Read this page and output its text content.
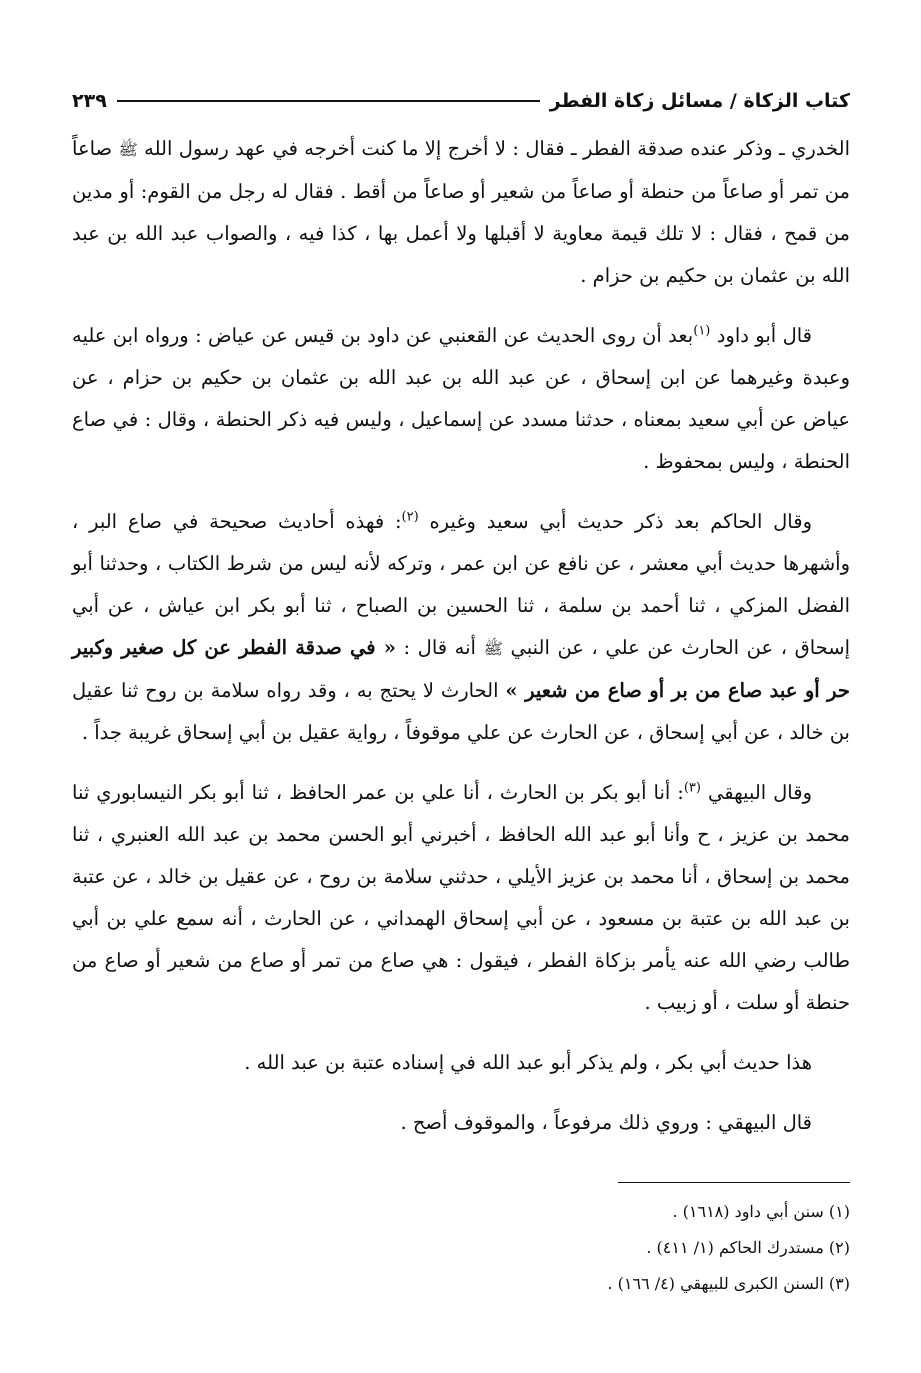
كتاب الزكاة / مسائل زكاة الفطر
٢٣٩

الخدري ـ وذكر عنده صدقة الفطر ـ فقال : لا أخرج إلا ما كنت أخرجه في عهد رسول الله ﷺ صاعاً من تمر أو صاعاً من حنطة أو صاعاً من شعير أو صاعاً من أقط . فقال له رجل من القوم: أو مدين من قمح ، فقال : لا تلك قيمة معاوية لا أقبلها ولا أعمل بها ، كذا فيه ، والصواب عبد الله بن عبد الله بن عثمان بن حكيم بن حزام .

قال أبو داود $^{(١)}$بعد أن روى الحديث عن القعنبي عن داود بن قيس عن عياض : ورواه ابن عليه وعبدة وغيرهما عن ابن إسحاق ، عن عبد الله بن عبد الله بن عثمان بن حكيم بن حزام ، عن عياض عن أبي سعيد بمعناه ، حدثنا مسدد عن إسماعيل ، وليس فيه ذكر الحنطة ، وقال : في صاع الحنطة ، وليس بمحفوظ .

وقال الحاكم بعد ذكر حديث أبي سعيد وغيره $^{(٢)}$: فهذه أحاديث صحيحة في صاع البر ، وأشهرها حديث أبي معشر ، عن نافع عن ابن عمر ، وتركه لأنه ليس من شرط الكتاب ، وحدثنا أبو الفضل المزكي ، ثنا أحمد بن سلمة ، ثنا الحسين بن الصباح ، ثنا أبو بكر ابن عياش ، عن أبي إسحاق ، عن الحارث عن علي ، عن النبي ﷺ أنه قال : « في صدقة الفطر عن كل صغير وكبير حر أو عبد صاع من بر أو صاع من شعير » الحارث لا يحتج به ، وقد رواه سلامة بن روح ثنا عقيل بن خالد ، عن أبي إسحاق ، عن الحارث عن علي موقوفاً ، رواية عقيل بن أبي إسحاق غريبة جداً .

وقال البيهقي $^{(٣)}$: أنا أبو بكر بن الحارث ، أنا علي بن عمر الحافظ ، ثنا أبو بكر النيسابوري ثنا محمد بن عزيز ، ح وأنا أبو عبد الله الحافظ ، أخبرني أبو الحسن محمد بن عبد الله العنبري ، ثنا محمد بن إسحاق ، أنا محمد بن عزيز الأيلي ، حدثني سلامة بن روح ، عن عقيل بن خالد ، عن عتبة بن عبد الله بن عتبة بن مسعود ، عن أبي إسحاق الهمداني ، عن الحارث ، أنه سمع علي بن أبي طالب رضي الله عنه يأمر بزكاة الفطر ، فيقول : هي صاع من تمر أو صاع من شعير أو صاع من حنطة أو سلت ، أو زبيب .

هذا حديث أبي بكر ، ولم يذكر أبو عبد الله في إسناده عتبة بن عبد الله .

قال البيهقي : وروي ذلك مرفوعاً ، والموقوف أصح .

(١) سنن أبي داود (١٦١٨) .

(٢) مستدرك الحاكم (١/ ٤١١) .

(٣) السنن الكبرى للبيهقي (٤/ ١٦٦) .
